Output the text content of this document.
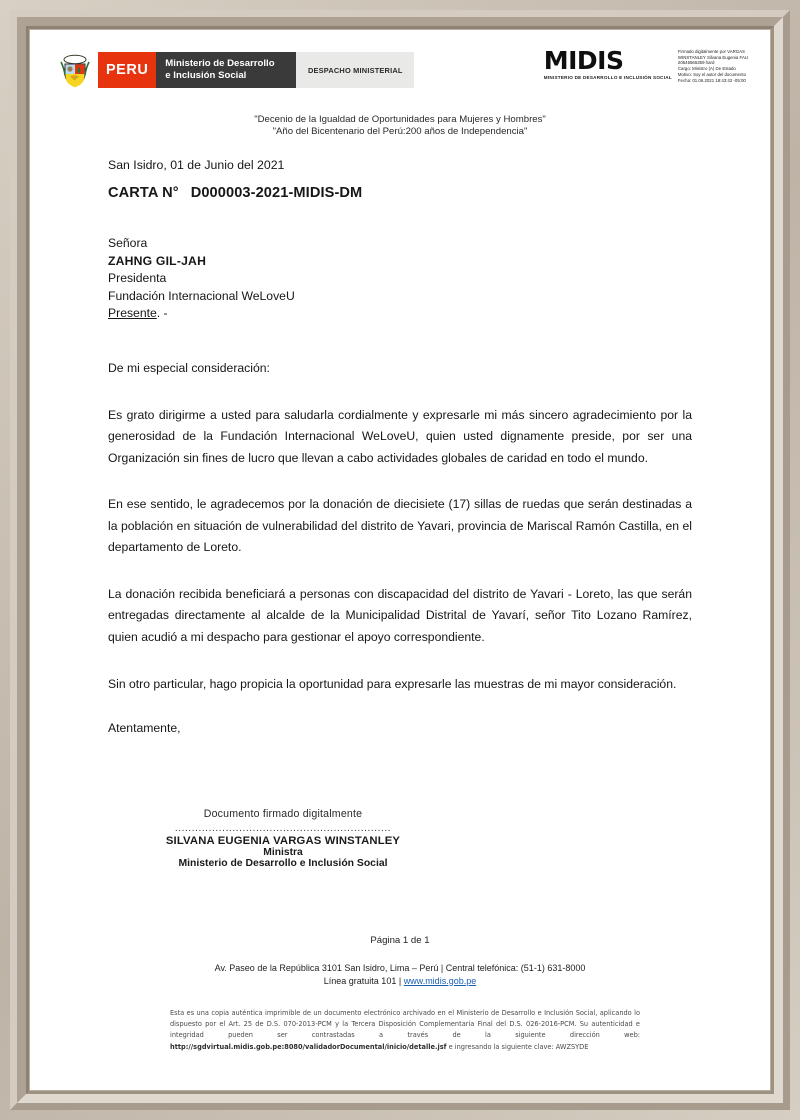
PERU	Ministerio de Desarrollo
e Inclusión Social	DESPACHO MINISTERIAL	MIDIS
MINISTERIO DE DESARROLLO E INCLUSIÓN SOCIAL
Firmado digitalmente por VARGAS
WINSTANLEY Silvana Eugenia FAU
20545565359 hard
Cargo: Ministro (A) De Estado
Motivo: Soy el autor del documento
Fecha: 01.06.2021 18:43:42 -05:00
"Decenio de la Igualdad de Oportunidades para Mujeres y Hombres"
"Año del Bicentenario del Perú:200 años de Independencia"
San Isidro, 01 de Junio del 2021
CARTA N° D000003-2021-MIDIS-DM
Señora
ZAHNG GIL-JAH
Presidenta
Fundación Internacional WeLoveU
Presente. -
De mi especial consideración:
Es grato dirigirme a usted para saludarla cordialmente y expresarle mi más sincero agradecimiento por la generosidad de la Fundación Internacional WeLoveU, quien usted dignamente preside, por ser una Organización sin fines de lucro que llevan a cabo actividades globales de caridad en todo el mundo.
En ese sentido, le agradecemos por la donación de diecisiete (17) sillas de ruedas que serán destinadas a la población en situación de vulnerabilidad del distrito de Yavari, provincia de Mariscal Ramón Castilla, en el departamento de Loreto.
La donación recibida beneficiará a personas con discapacidad del distrito de Yavari - Loreto, las que serán entregadas directamente al alcalde de la Municipalidad Distrital de Yavarí, señor Tito Lozano Ramírez, quien acudió a mi despacho para gestionar el apoyo correspondiente.
Sin otro particular, hago propicia la oportunidad para expresarle las muestras de mi mayor consideración.
Atentamente,
Documento firmado digitalmente
................................................................
SILVANA EUGENIA VARGAS WINSTANLEY
Ministra
Ministerio de Desarrollo e Inclusión Social
Página 1 de 1
Av. Paseo de la República 3101 San Isidro, Lima – Perú | Central telefónica: (51-1) 631-8000
Línea gratuita 101 | www.midis.gob.pe
Esta es una copia auténtica imprimible de un documento electrónico archivado en el Ministerio de Desarrollo e Inclusión Social, aplicando lo dispuesto por el Art. 25 de D.S. 070-2013-PCM y la Tercera Disposición Complementaria Final del D.S. 026-2016-PCM. Su autenticidad e integridad pueden ser contrastadas a través de la siguiente dirección web: http://sgdvirtual.midis.gob.pe:8080/validadorDocumental/inicio/detalle.jsf e ingresando la siguiente clave: AWZSYDE
